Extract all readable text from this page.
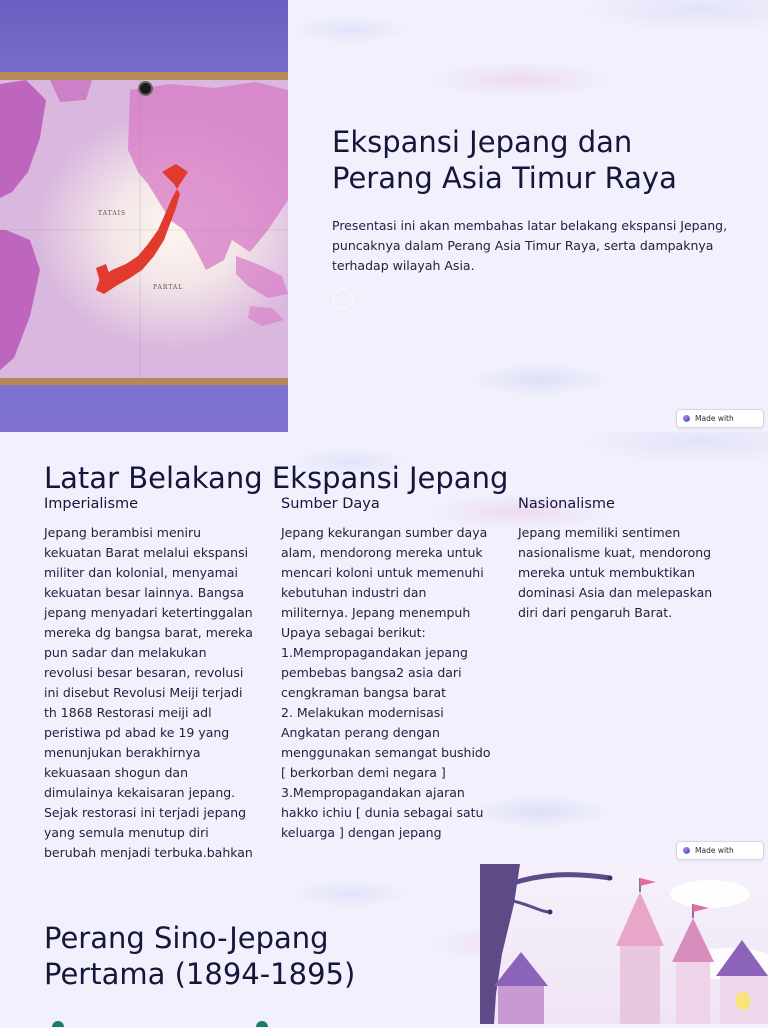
TATAIS
PARTAL
Ekspansi Jepang dan Perang Asia Timur Raya

Presentasi ini akan membahas latar belakang ekspansi Jepang, puncaknya dalam Perang Asia Timur Raya, serta dampaknya terhadap wilayah Asia.

Made with
Latar Belakang Ekspansi Jepang
Imperialisme

Jepang berambisi meniru kekuatan Barat melalui ekspansi militer dan kolonial, menyamai kekuatan besar lainnya. Bangsa jepang menyadari ketertinggalan mereka dg bangsa barat, mereka pun sadar dan melakukan revolusi besar besaran, revolusi ini disebut Revolusi Meiji terjadi th 1868 Restorasi meiji adl peristiwa pd abad ke 19 yang menunjukan berakhirnya kekuasaan shogun dan dimulainya kekaisaran jepang. Sejak restorasi ini terjadi jepang yang semula menutup diri berubah menjadi terbuka.bahkan

Sumber Daya

Jepang kekurangan sumber daya alam, mendorong mereka untuk mencari koloni untuk memenuhi kebutuhan industri dan militernya. Jepang menempuh Upaya sebagai berikut:
1.Mempropagandakan jepang pembebas bangsa2 asia dari cengkraman bangsa barat
2. Melakukan modernisasi Angkatan perang dengan menggunakan semangat bushido [ berkorban demi negara ]
3.Mempropagandakan ajaran hakko ichiu [ dunia sebagai satu keluarga ] dengan jepang

Nasionalisme

Jepang memiliki sentimen nasionalisme kuat, mendorong mereka untuk membuktikan dominasi Asia dan melepaskan diri dari pengaruh Barat.

Made with
Perang Sino-Jepang Pertama (1894-1895)
